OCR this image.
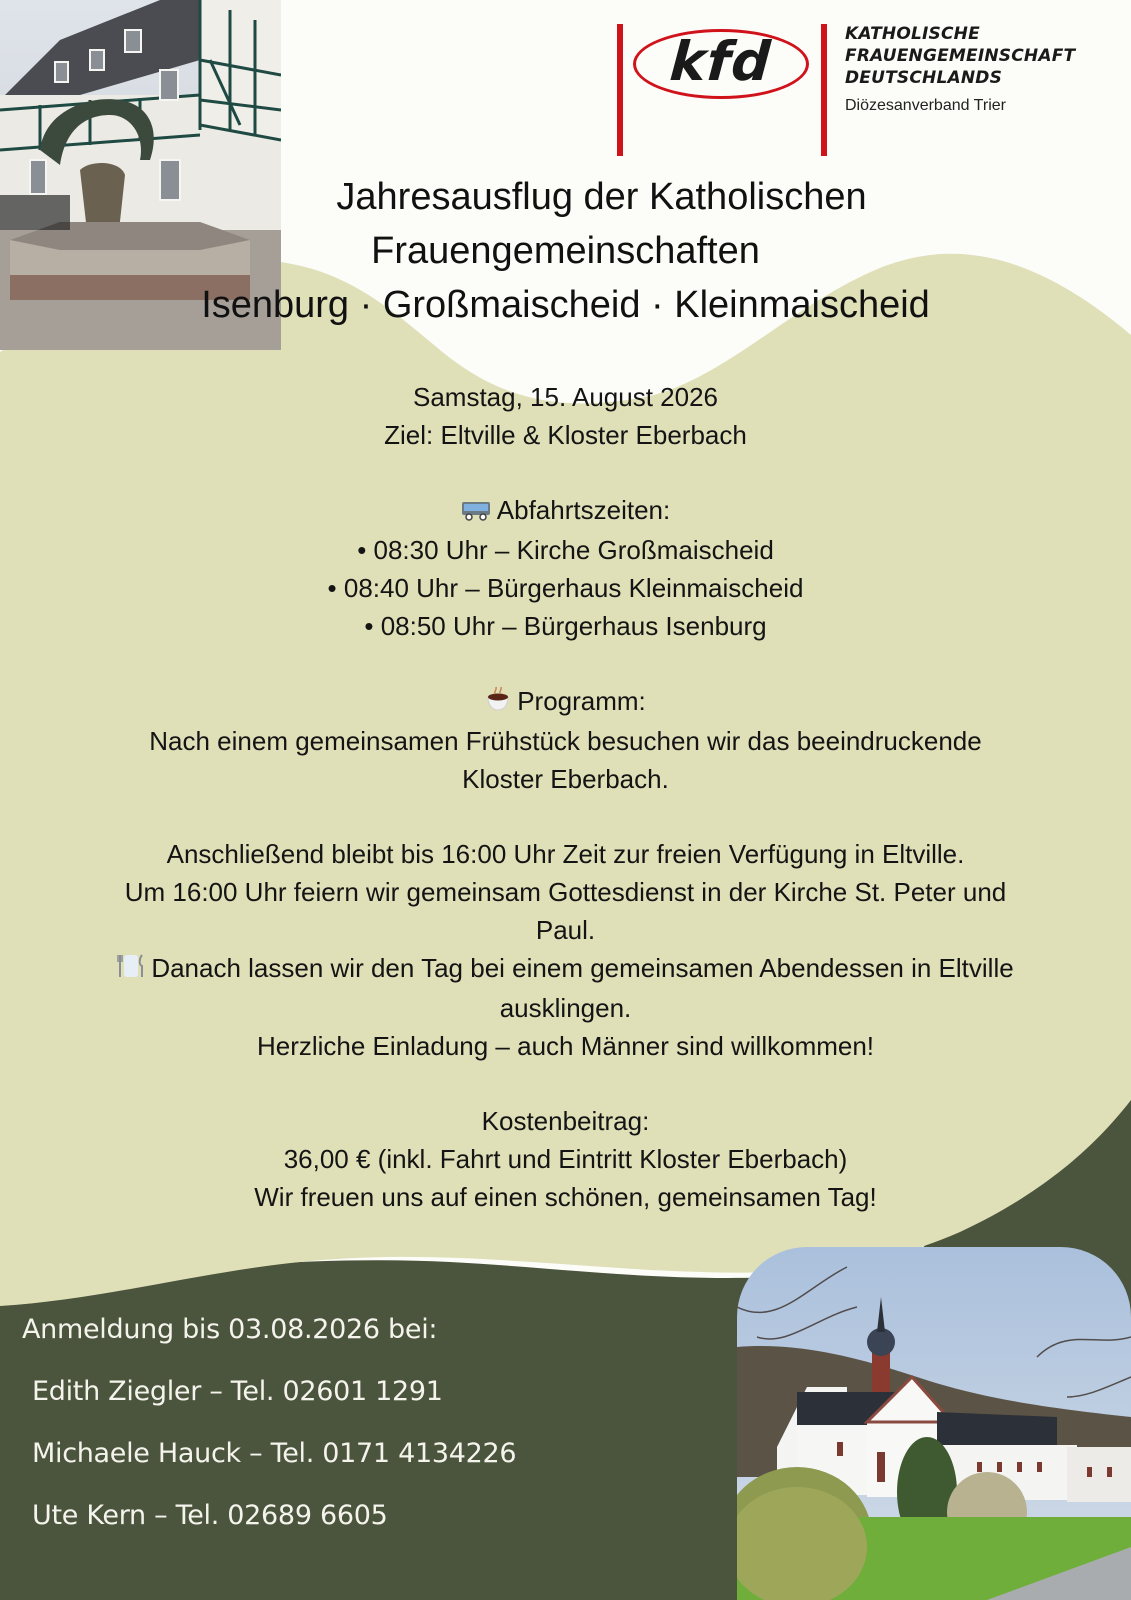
kfd	KATHOLISCHE
FRAUENGEMEINSCHAFT
DEUTSCHLANDS
Diözesanverband Trier
Jahresausflug der Katholischen
Frauengemeinschaften
Isenburg · Großmaischeid · Kleinmaischeid
Samstag, 15. August 2026
Ziel: Eltville & Kloster Eberbach
Abfahrtszeiten:
• 08:30 Uhr – Kirche Großmaischeid
• 08:40 Uhr – Bürgerhaus Kleinmaischeid
• 08:50 Uhr – Bürgerhaus Isenburg
Programm:
Nach einem gemeinsamen Frühstück besuchen wir das beeindruckende
Kloster Eberbach.
Anschließend bleibt bis 16:00 Uhr Zeit zur freien Verfügung in Eltville.
Um 16:00 Uhr feiern wir gemeinsam Gottesdienst in der Kirche St. Peter und
Paul.
Danach lassen wir den Tag bei einem gemeinsamen Abendessen in Eltville
ausklingen.
Herzliche Einladung – auch Männer sind willkommen!
Kostenbeitrag:
36,00 € (inkl. Fahrt und Eintritt Kloster Eberbach)
Wir freuen uns auf einen schönen, gemeinsamen Tag!
Anmeldung bis 03.08.2026 bei:
Edith Ziegler – Tel. 02601 1291
Michaele Hauck – Tel. 0171 4134226
Ute Kern – Tel. 02689 6605
